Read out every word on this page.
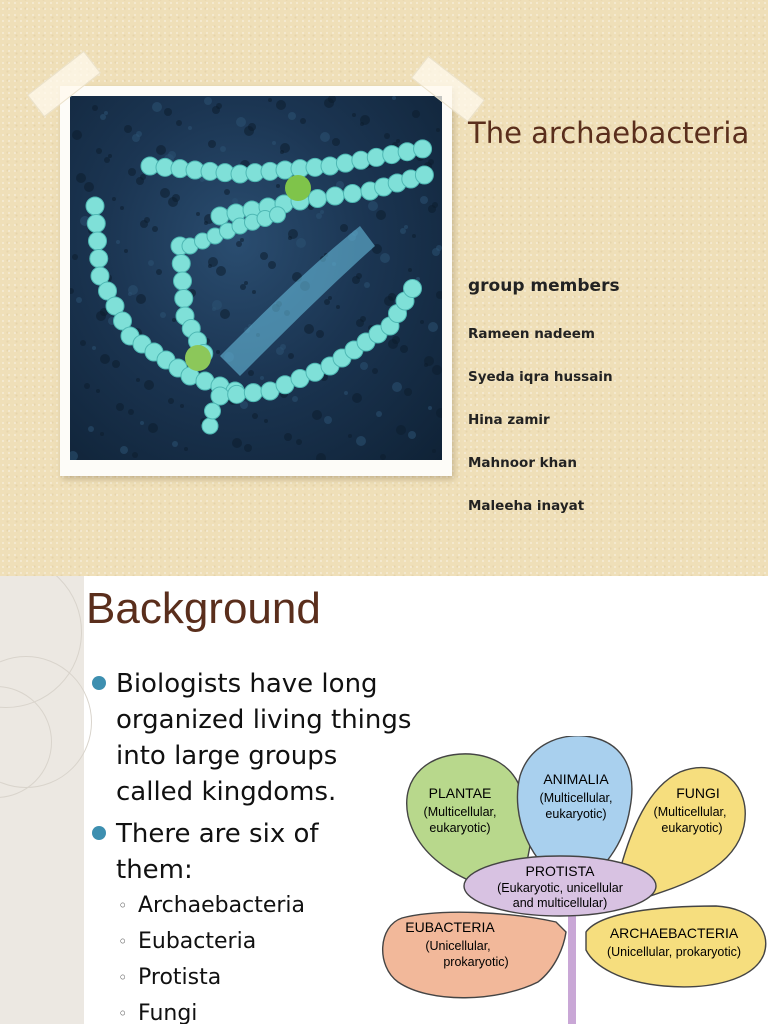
The archaebacteria
group members
Rameen nadeem
Syeda iqra hussain
Hina zamir
Mahnoor khan
Maleeha inayat
Background
Biologists have long organized living things into large groups called kingdoms.
There are six of them:
◦ Archaebacteria
◦ Eubacteria
◦ Protista
◦ Fungi
PLANTAE
(Multicellular,
eukaryotic)
FUNGI
(Multicellular,
eukaryotic)
ANIMALIA
(Multicellular,
eukaryotic)
EUBACTERIA
(Unicellular,
prokaryotic)
ARCHAEBACTERIA
(Unicellular, prokaryotic)
PROTISTA
(Eukaryotic, unicellular
and multicellular)
